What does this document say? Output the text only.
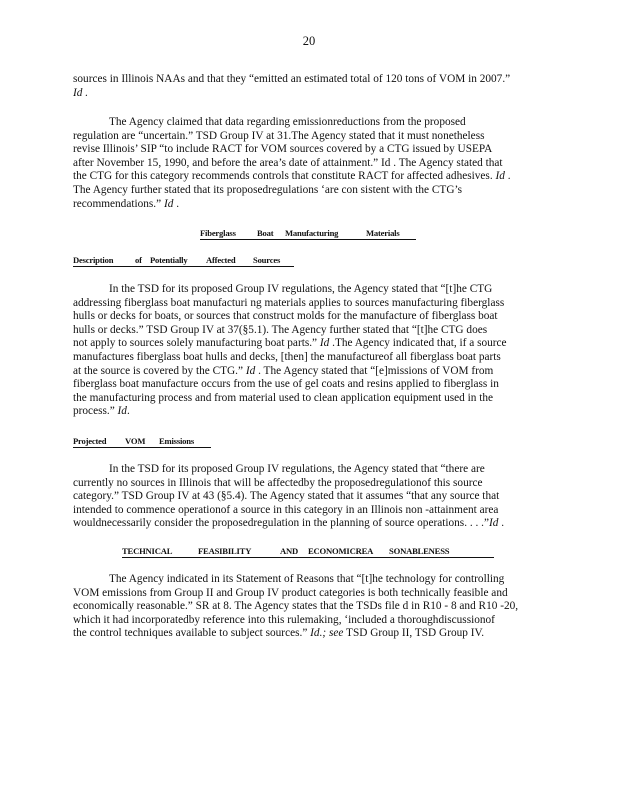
20
sources in Illinois NAAs and that they “emitted an estimated total of 120 tons of VOM in 2007.”
Id .
The Agency claimed that data regarding emissionreductions from the proposed
regulation are “uncertain.” TSD Group IV at 31.The Agency stated that it must nonetheless
revise Illinois’ SIP “to include RACT for VOM sources covered by a CTG issued by USEPA
after November 15, 1990, and before the area’s date of attainment.” Id . The Agency stated that
the CTG for this category recommends controls that constitute RACT for affected adhesives. Id .
The Agency further stated that its proposedregulations ‘are con sistent with the CTG’s
recommendations.” Id .
Fiberglass Boat Manufacturing	Materials
Description	of Potentially Affected Sources
In the TSD for its proposed Group IV regulations, the Agency stated that “[t]he CTG
addressing fiberglass boat manufacturi ng materials applies to sources manufacturing fiberglass
hulls or decks for boats, or sources that construct molds for the manufacture of fiberglass boat
hulls or decks.” TSD Group IV at 37(§5.1). The Agency further stated that “[t]he CTG does
not apply to sources solely manufacturing boat parts.” Id .The Agency indicated that, if a source
manufactures fiberglass boat hulls and decks, [then] the manufactureof all fiberglass boat parts
at the source is covered by the CTG.” Id . The Agency stated that “[e]missions of VOM from
fiberglass boat manufacture occurs from the use of gel coats and resins applied to fiberglass in
the manufacturing process and from material used to clean application equipment used in the
process.” Id.
Projected VOM Emissions
In the TSD for its proposed Group IV regulations, the Agency stated that “there are
currently no sources in Illinois that will be affectedby the proposedregulationof this source
category.” TSD Group IV at 43 (§5.4). The Agency stated that it assumes “that any source that
intended to commence operationof a source in this category in an Illinois non -attainment area
wouldnecessarily consider the proposedregulation in the planning of source operations. . . .”Id .
TECHNICAL	FEASIBILITY	AND ECONOMICREA SONABLENESS
The Agency indicated in its Statement of Reasons that “[t]he technology for controlling
VOM emissions from Group II and Group IV product categories is both technically feasible and
economically reasonable.” SR at 8. The Agency states that the TSDs file d in R10 - 8 and R10 -20,
which it had incorporatedby reference into this rulemaking, ‘included a thoroughdiscussionof
the control techniques available to subject sources.” Id.; see TSD Group II, TSD Group IV.
